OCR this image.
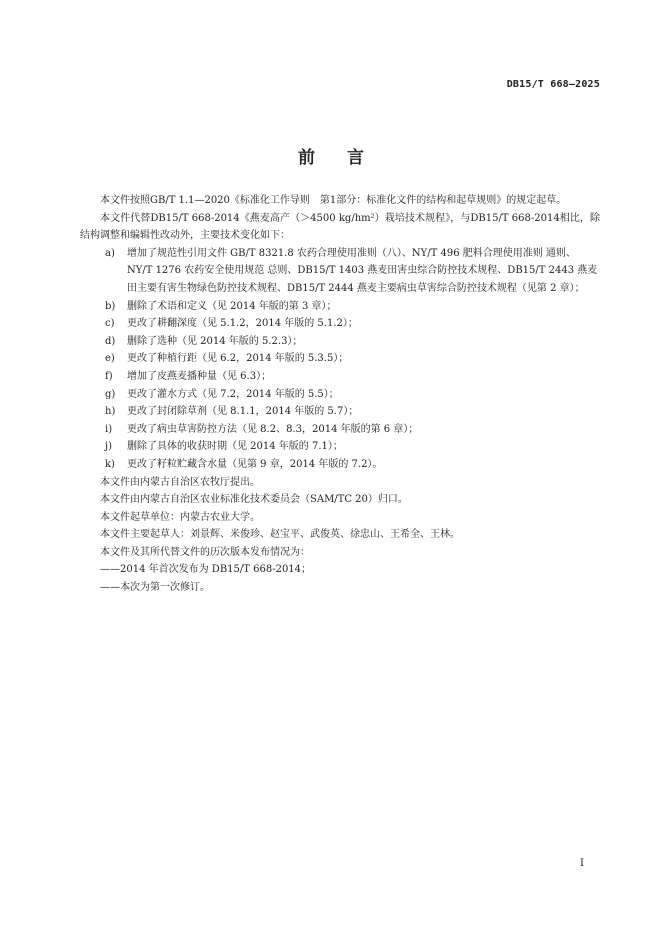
DB15/T 668—2025
前 言

本文件按照GB/T 1.1—2020《标准化工作导则　第1部分：标准化文件的结构和起草规则》的规定起草。

本文件代替DB15/T 668-2014《燕麦高产（＞4500 kg/hm²）栽培技术规程》，与DB15/T 668-2014相比，除结构调整和编辑性改动外，主要技术变化如下：

a) 增加了规范性引用文件 GB/T 8321.8 农药合理使用准则（八）、NY/T 496 肥料合理使用准则 通则、NY/T 1276 农药安全使用规范 总则、DB15/T 1403 燕麦田害虫综合防控技术规程、DB15/T 2443 燕麦田主要有害生物绿色防控技术规程、DB15/T 2444 燕麦主要病虫草害综合防控技术规程（见第 2 章）；
b) 删除了术语和定义（见 2014 年版的第 3 章）；
c) 更改了耕翻深度（见 5.1.2，2014 年版的 5.1.2）；
d) 删除了选种（见 2014 年版的 5.2.3）；
e) 更改了种植行距（见 6.2，2014 年版的 5.3.5）；
f) 增加了皮燕麦播种量（见 6.3）；
g) 更改了灌水方式（见 7.2，2014 年版的 5.5）；
h) 更改了封闭除草剂（见 8.1.1，2014 年版的 5.7）；
i) 更改了病虫草害防控方法（见 8.2、8.3，2014 年版的第 6 章）；
j) 删除了具体的收获时期（见 2014 年版的 7.1）；
k) 更改了籽粒贮藏含水量（见第 9 章，2014 年版的 7.2）。

本文件由内蒙古自治区农牧厅提出。

本文件由内蒙古自治区农业标准化技术委员会（SAM/TC 20）归口。

本文件起草单位：内蒙古农业大学。

本文件主要起草人：刘景辉、米俊珍、赵宝平、武俊英、徐忠山、王希全、王林。

本文件及其所代替文件的历次版本发布情况为：

——2014 年首次发布为 DB15/T 668-2014；

——本次为第一次修订。

I
